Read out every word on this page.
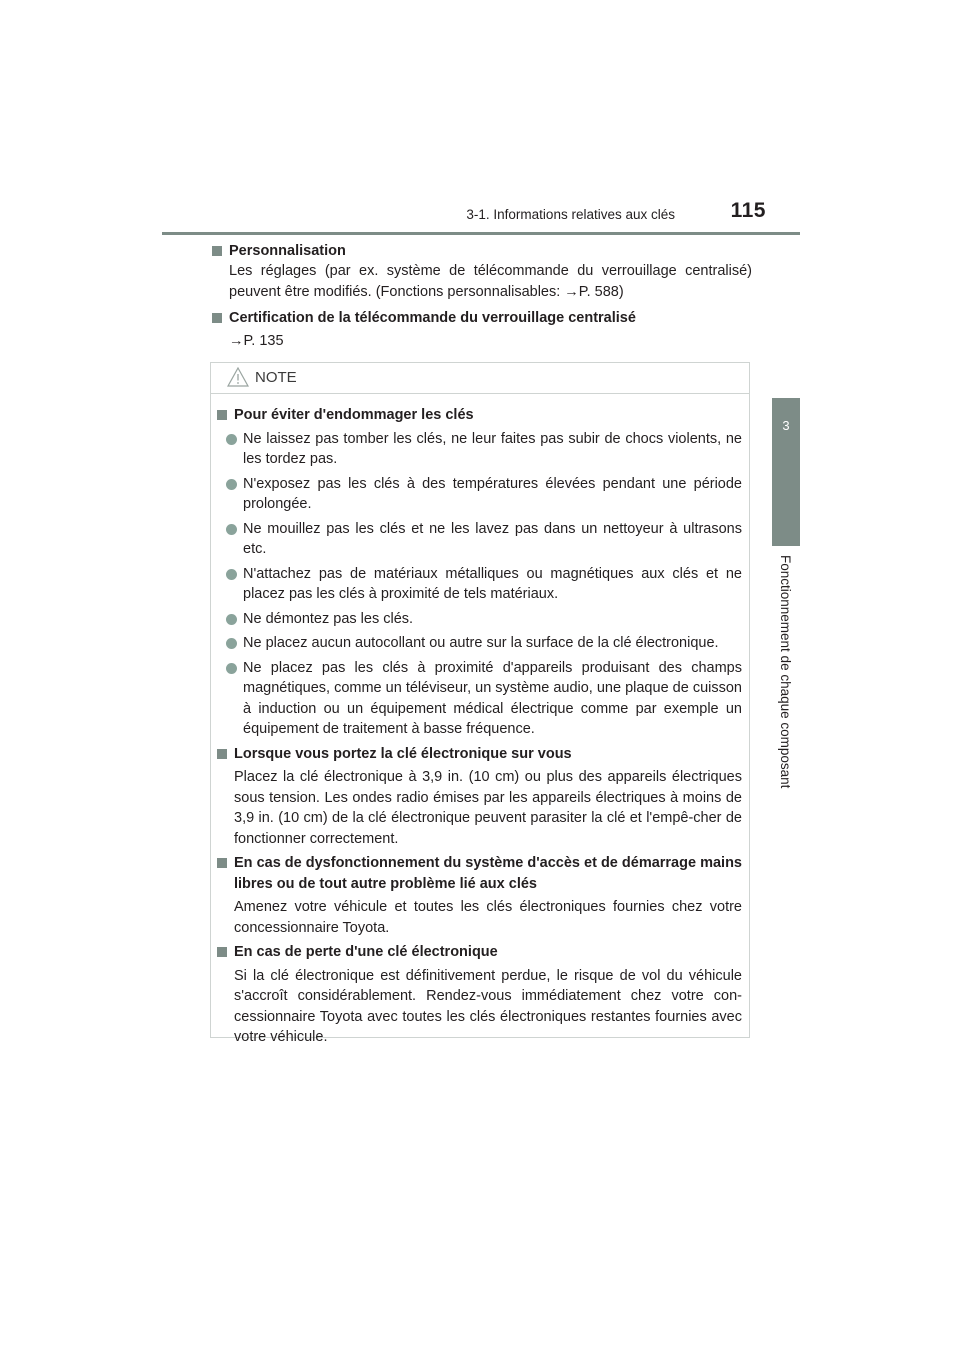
3-1. Informations relatives aux clés	115
3
Fonctionnement de chaque composant
Personnalisation
Les réglages (par ex. système de télécommande du verrouillage centralisé) peuvent être modifiés. (Fonctions personnalisables: →P. 588)
Certification de la télécommande du verrouillage centralisé
→P. 135
NOTE
Pour éviter d'endommager les clés
Ne laissez pas tomber les clés, ne leur faites pas subir de chocs violents, ne les tordez pas.
N'exposez pas les clés à des températures élevées pendant une période prolongée.
Ne mouillez pas les clés et ne les lavez pas dans un nettoyeur à ultrasons etc.
N'attachez pas de matériaux métalliques ou magnétiques aux clés et ne placez pas les clés à proximité de tels matériaux.
Ne démontez pas les clés.
Ne placez aucun autocollant ou autre sur la surface de la clé électronique.
Ne placez pas les clés à proximité d'appareils produisant des champs magnétiques, comme un téléviseur, un système audio, une plaque de cuisson à induction ou un équipement médical électrique comme par exemple un équipement de traitement à basse fréquence.
Lorsque vous portez la clé électronique sur vous
Placez la clé électronique à 3,9 in. (10 cm) ou plus des appareils électriques sous tension. Les ondes radio émises par les appareils électriques à moins de 3,9 in. (10 cm) de la clé électronique peuvent parasiter la clé et l'empê-cher de fonctionner correctement.
En cas de dysfonctionnement du système d'accès et de démarrage mains libres ou de tout autre problème lié aux clés
Amenez votre véhicule et toutes les clés électroniques fournies chez votre concessionnaire Toyota.
En cas de perte d'une clé électronique
Si la clé électronique est définitivement perdue, le risque de vol du véhicule s'accroît considérablement. Rendez-vous immédiatement chez votre con-cessionnaire Toyota avec toutes les clés électroniques restantes fournies avec votre véhicule.
